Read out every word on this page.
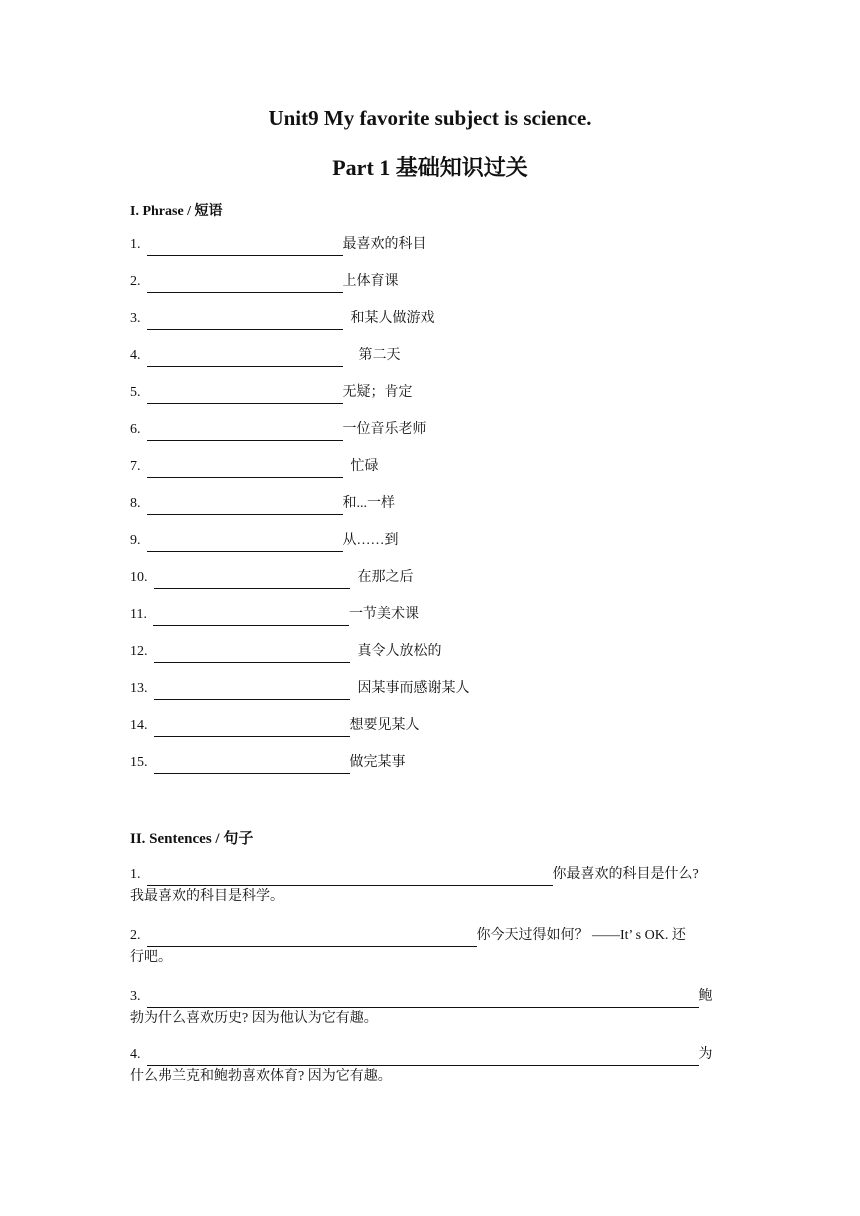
Unit9 My favorite subject is science.
Part 1 基础知识过关
I. Phrase / 短语
1.	最喜欢的科目
2.	上体育课
3.	和某人做游戏
4.	第二天
5.	无疑；肯定
6.	一位音乐老师
7.	忙碌
8.	和...一样
9.	从……到
10.	在那之后
11.	一节美术课
12.	真令人放松的
13.	因某事而感谢某人
14.	想要见某人
15.	做完某事
II. Sentences / 句子
1.	你最喜欢的科目是什么?
我最喜欢的科目是科学。
2.	你今天过得如何？ ——It’ s OK. 还
行吧。
3.	鲍
勃为什么喜欢历史? 因为他认为它有趣。
4.	为
什么弗兰克和鲍勃喜欢体育? 因为它有趣。
